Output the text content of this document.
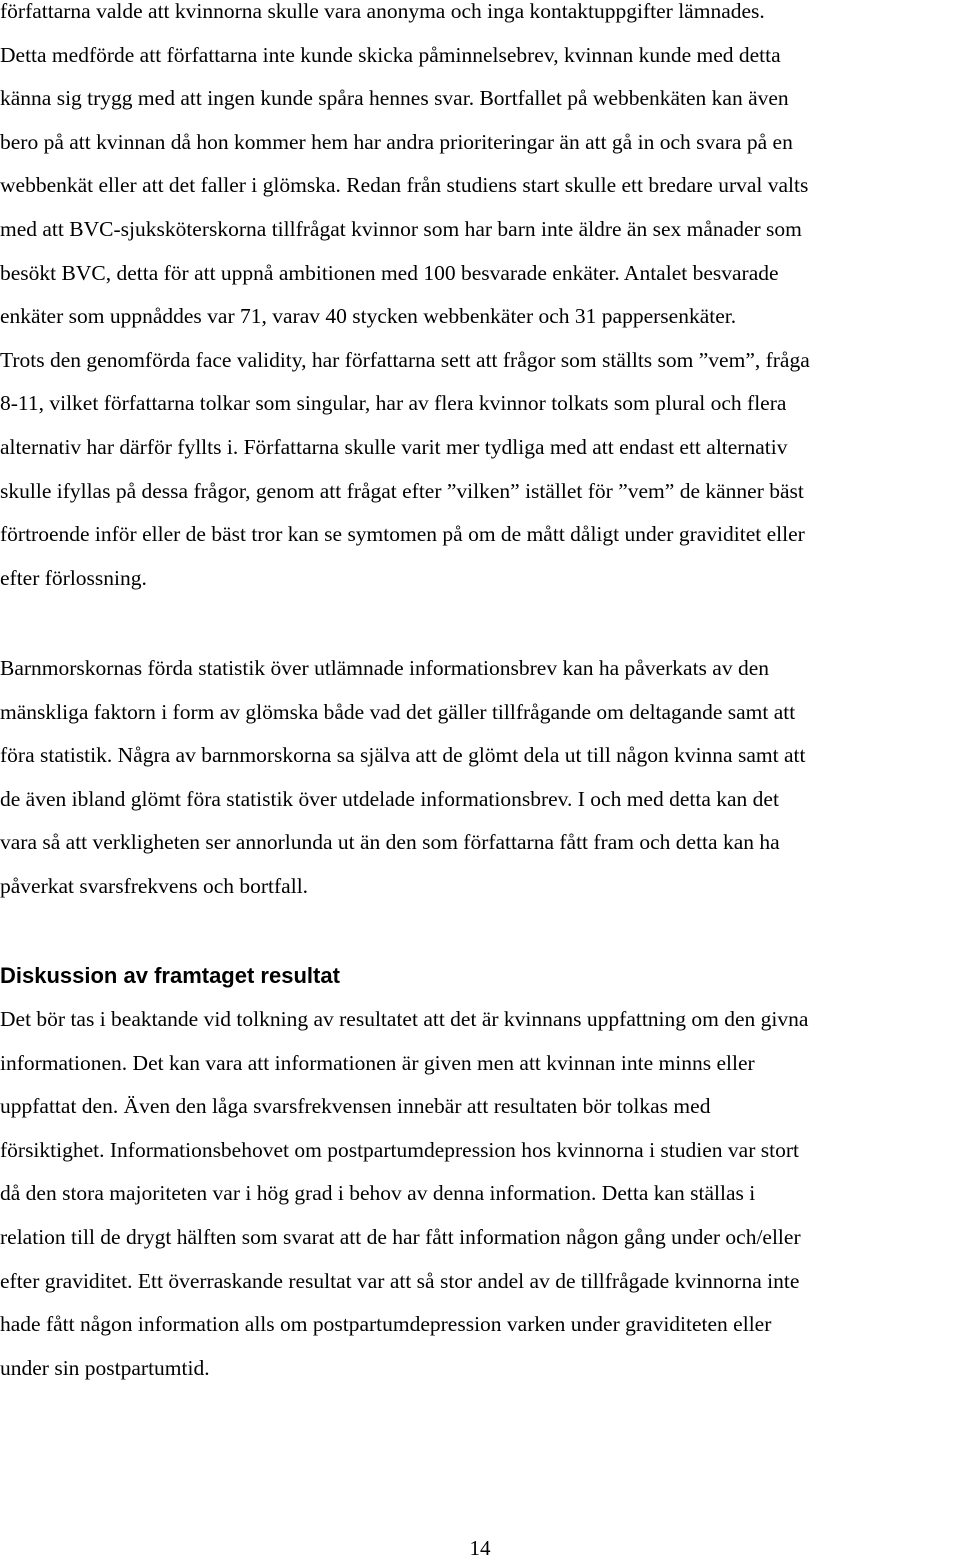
författarna valde att kvinnorna skulle vara anonyma och inga kontaktuppgifter lämnades.
Detta medförde att författarna inte kunde skicka påminnelsebrev, kvinnan kunde med detta
känna sig trygg med att ingen kunde spåra hennes svar. Bortfallet på webbenkäten kan även
bero på att kvinnan då hon kommer hem har andra prioriteringar än att gå in och svara på en
webbenkät eller att det faller i glömska. Redan från studiens start skulle ett bredare urval valts
med att BVC-sjuksköterskorna tillfrågat kvinnor som har barn inte äldre än sex månader som
besökt BVC, detta för att uppnå ambitionen med 100 besvarade enkäter. Antalet besvarade
enkäter som uppnåddes var 71, varav 40 stycken webbenkäter och 31 pappersenkäter.
Trots den genomförda face validity, har författarna sett att frågor som ställts som ”vem”, fråga
8-11, vilket författarna tolkar som singular, har av flera kvinnor tolkats som plural och flera
alternativ har därför fyllts i. Författarna skulle varit mer tydliga med att endast ett alternativ
skulle ifyllas på dessa frågor, genom att frågat efter ”vilken” istället för ”vem” de känner bäst
förtroende inför eller de bäst tror kan se symtomen på om de mått dåligt under graviditet eller
efter förlossning.
Barnmorskornas förda statistik över utlämnade informationsbrev kan ha påverkats av den
mänskliga faktorn i form av glömska både vad det gäller tillfrågande om deltagande samt att
föra statistik. Några av barnmorskorna sa själva att de glömt dela ut till någon kvinna samt att
de även ibland glömt föra statistik över utdelade informationsbrev. I och med detta kan det
vara så att verkligheten ser annorlunda ut än den som författarna fått fram och detta kan ha
påverkat svarsfrekvens och bortfall.
Diskussion av framtaget resultat
Det bör tas i beaktande vid tolkning av resultatet att det är kvinnans uppfattning om den givna
informationen. Det kan vara att informationen är given men att kvinnan inte minns eller
uppfattat den. Även den låga svarsfrekvensen innebär att resultaten bör tolkas med
försiktighet. Informationsbehovet om postpartumdepression hos kvinnorna i studien var stort
då den stora majoriteten var i hög grad i behov av denna information. Detta kan ställas i
relation till de drygt hälften som svarat att de har fått information någon gång under och/eller
efter graviditet. Ett överraskande resultat var att så stor andel av de tillfrågade kvinnorna inte
hade fått någon information alls om postpartumdepression varken under graviditeten eller
under sin postpartumtid.
14
